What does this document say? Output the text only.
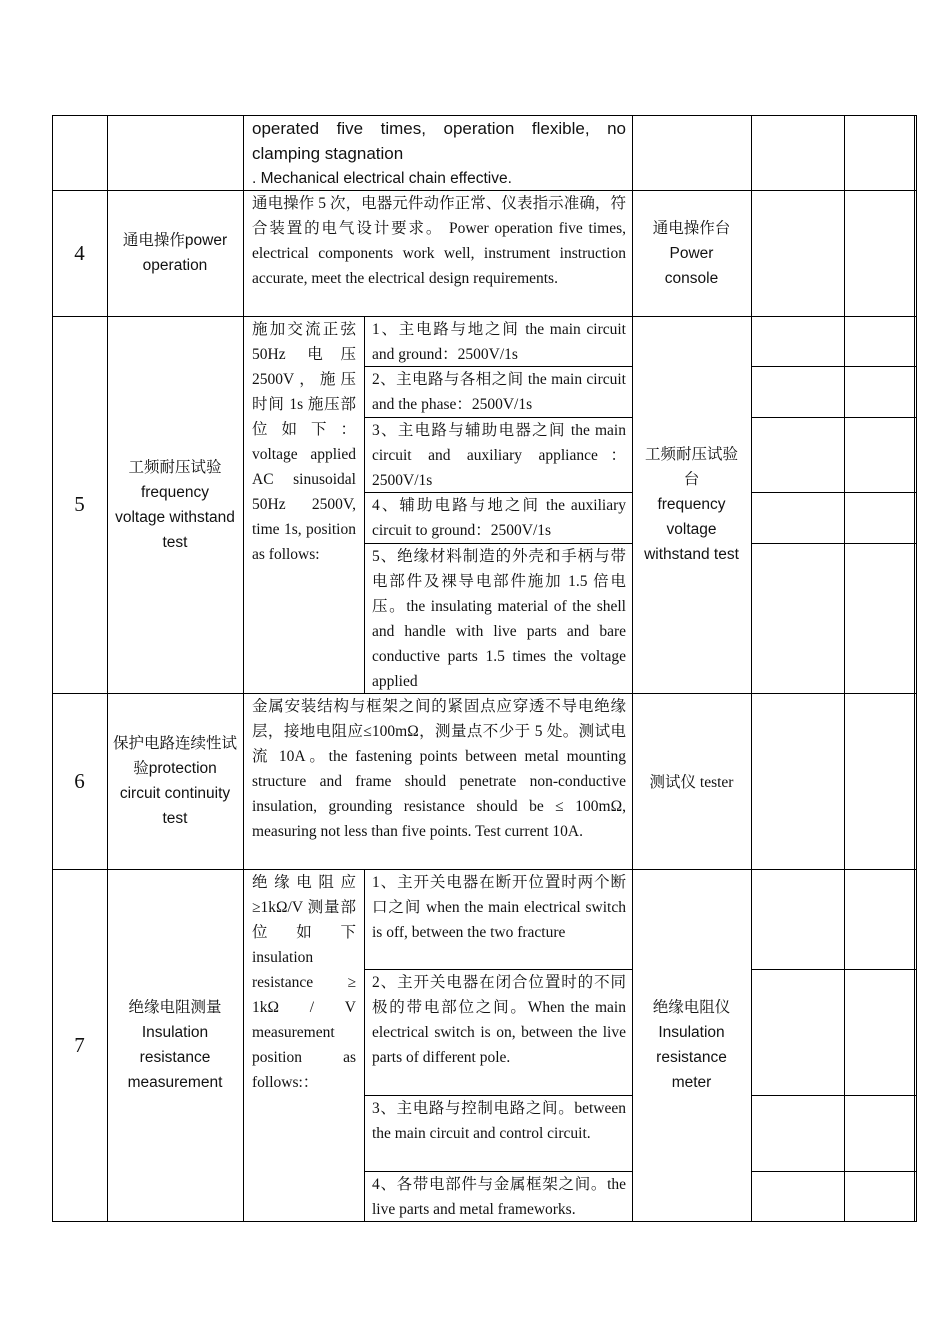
operated five times, operation flexible, no clamping stagnation
. Mechanical electrical chain effective.
4	通电操作power operation
通电操作 5 次，电器元件动作正常、仪表指示准确，符合装置的电气设计要求。 Power operation five times, electrical components work well, instrument instruction accurate, meet the electrical design requirements.
通电操作台
Power console
5
工频耐压试验
frequency voltage withstand test
施加交流正弦 50Hz 电压 2500V，施压时间 1s 施压部位如下：voltage applied AC sinusoidal 50Hz 2500V, time 1s, position as follows:
1、主电路与地之间 the main circuit and ground：2500V/1s
2、主电路与各相之间 the main circuit and the phase：2500V/1s
3、主电路与辅助电器之间 the main circuit and auxiliary appliance：2500V/1s
4、辅助电路与地之间 the auxiliary circuit to ground：2500V/1s
5、绝缘材料制造的外壳和手柄与带电部件及裸导电部件施加 1.5 倍电压。the insulating material of the shell and handle with live parts and bare conductive parts 1.5 times the voltage applied
工频耐压试验台
frequency voltage withstand test
6
保护电路连续性试验protection circuit continuity test
金属安装结构与框架之间的紧固点应穿透不导电绝缘层，接地电阻应≤100mΩ，测量点不少于 5 处。测试电流 10A。the fastening points between metal mounting structure and frame should penetrate non-conductive insulation, grounding resistance should be ≤ 100mΩ, measuring not less than five points. Test current 10A.
测试仪 tester
7
绝缘电阻测量
Insulation resistance measurement
绝缘电阻应≥1kΩ/V 测量部位如下 insulation resistance ≥ 1kΩ / V measurement position as follows:：
1、主开关电器在断开位置时两个断口之间 when the main electrical switch is off, between the two fracture
2、主开关电器在闭合位置时的不同极的带电部位之间。When the main electrical switch is on, between the live parts of different pole.
3、主电路与控制电路之间。between the main circuit and control circuit.
4、各带电部件与金属框架之间。the live parts and metal frameworks.
绝缘电阻仪
Insulation resistance meter
